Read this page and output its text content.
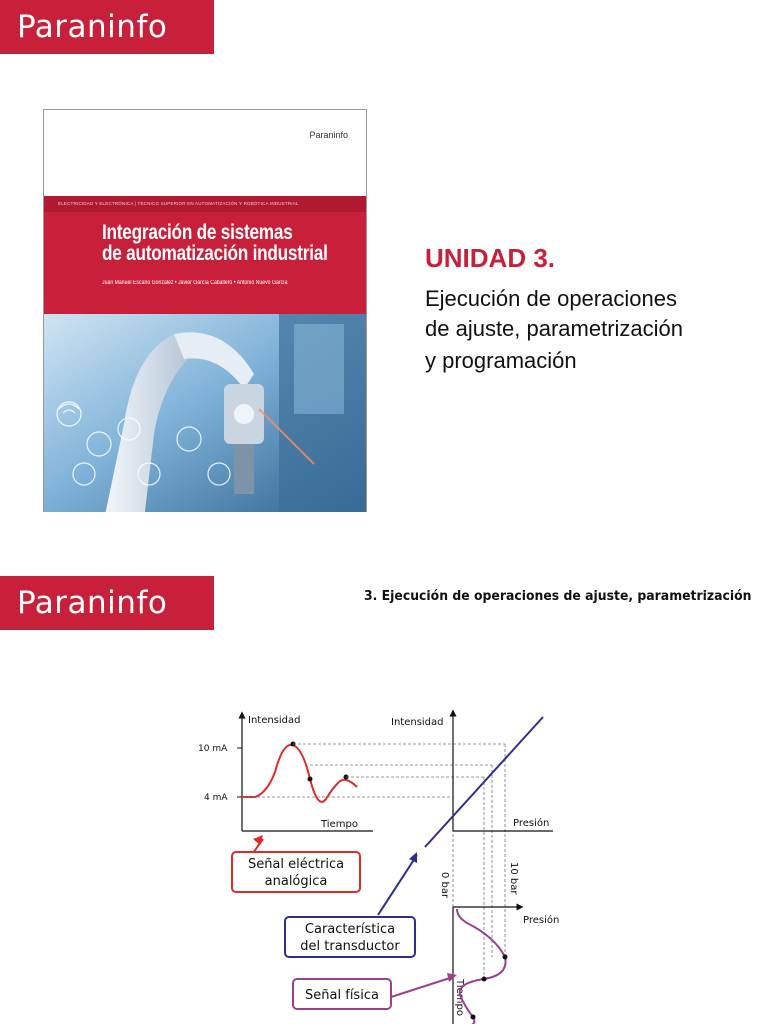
Paraninfo
Paraninfo
ELECTRICIDAD Y ELECTRÓNICA | TÉCNICO SUPERIOR EN AUTOMATIZACIÓN Y ROBÓTICA INDUSTRIAL
Integración de sistemas
de automatización industrial
Juan Manuel Escaño González • Javier García Caballero • Antonio Nuevo García
UNIDAD 3.
Ejecución de operaciones
de ajuste, parametrización
y programación
Paraninfo	3. Ejecución de operaciones de ajuste, parametrización
Intensidad
Tiempo
10 mA
4 mA
Intensidad
Presión
Presión
Tiempo
0 bar	10 bar
Señal eléctrica
analógica
Característica
del transductor
Señal física
